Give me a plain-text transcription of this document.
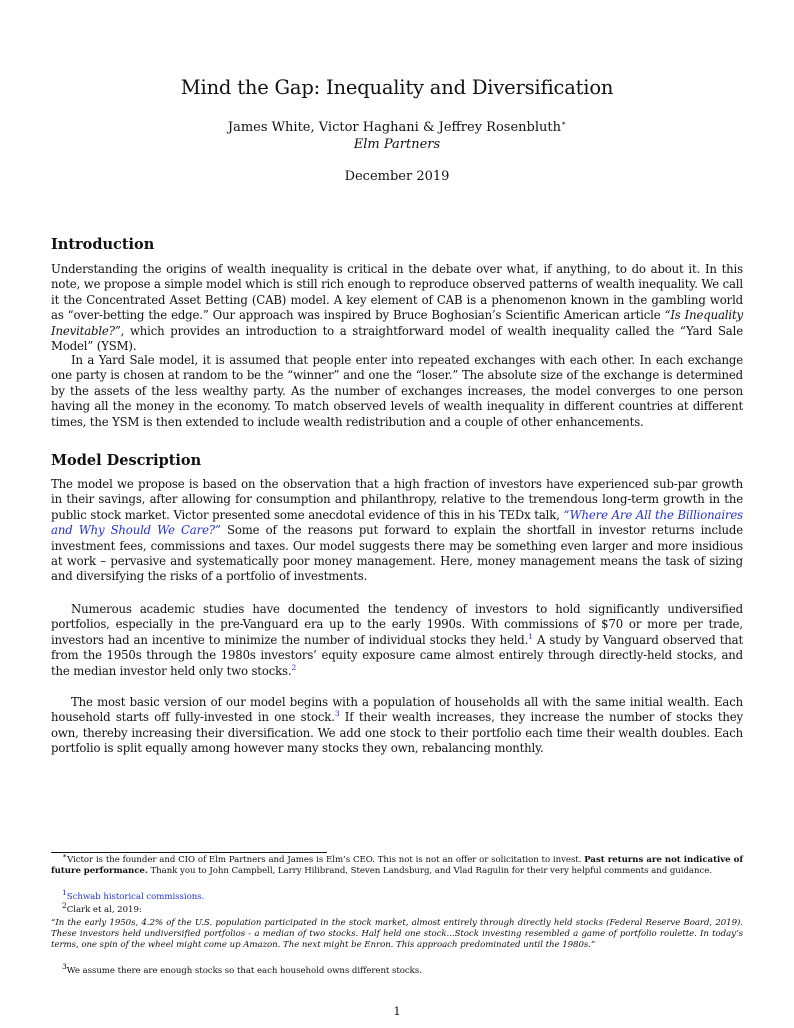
Mind the Gap: Inequality and Diversification
James White, Victor Haghani & Jeffrey Rosenbluth∗
Elm Partners
December 2019
Introduction

Understanding the origins of wealth inequality is critical in the debate over what, if anything, to do about it. In this note, we propose a simple model which is still rich enough to reproduce observed patterns of wealth inequality. We call it the Concentrated Asset Betting (CAB) model. A key element of CAB is a phenomenon known in the gambling world as “over-betting the edge.” Our approach was inspired by Bruce Boghosian’s Scientific American article “Is Inequality Inevitable?”, which provides an introduction to a straightforward model of wealth inequality called the “Yard Sale Model” (YSM).

In a Yard Sale model, it is assumed that people enter into repeated exchanges with each other. In each exchange one party is chosen at random to be the “winner” and one the “loser.” The absolute size of the exchange is determined by the assets of the less wealthy party. As the number of exchanges increases, the model converges to one person having all the money in the economy. To match observed levels of wealth inequality in different countries at different times, the YSM is then extended to include wealth redistribution and a couple of other enhancements.

Model Description

The model we propose is based on the observation that a high fraction of investors have experienced sub-par growth in their savings, after allowing for consumption and philanthropy, relative to the tremendous long-term growth in the public stock market. Victor presented some anecdotal evidence of this in his TEDx talk, “Where Are All the Billionaires and Why Should We Care?” Some of the reasons put forward to explain the shortfall in investor returns include investment fees, commissions and taxes. Our model suggests there may be something even larger and more insidious at work – pervasive and systematically poor money management. Here, money management means the task of sizing and diversifying the risks of a portfolio of investments.

Numerous academic studies have documented the tendency of investors to hold significantly undiversified portfolios, especially in the pre-Vanguard era up to the early 1990s. With commissions of $70 or more per trade, investors had an incentive to minimize the number of individual stocks they held.$^1$ A study by Vanguard observed that from the 1950s through the 1980s investors’ equity exposure came almost entirely through directly-held stocks, and the median investor held only two stocks.$^2$

The most basic version of our model begins with a population of households all with the same initial wealth. Each household starts off fully-invested in one stock.$^3$ If their wealth increases, they increase the number of stocks they own, thereby increasing their diversification. We add one stock to their portfolio each time their wealth doubles. Each portfolio is split equally among however many stocks they own, rebalancing monthly.

∗Victor is the founder and CIO of Elm Partners and James is Elm’s CEO. This not is not an offer or solicitation to invest. Past returns are not indicative of future performance. Thank you to John Campbell, Larry Hilibrand, Steven Landsburg, and Vlad Ragulin for their very helpful comments and guidance.

$^1$Schwab historical commissions.

$^2$Clark et al, 2019:

“In the early 1950s, 4.2% of the U.S. population participated in the stock market, almost entirely through directly held stocks (Federal Reserve Board, 2019). These investors held undiversified portfolios - a median of two stocks. Half held one stock...Stock investing resembled a game of portfolio roulette. In today’s terms, one spin of the wheel might come up Amazon. The next might be Enron. This approach predominated until the 1980s.”

$^3$We assume there are enough stocks so that each household owns different stocks.

1
